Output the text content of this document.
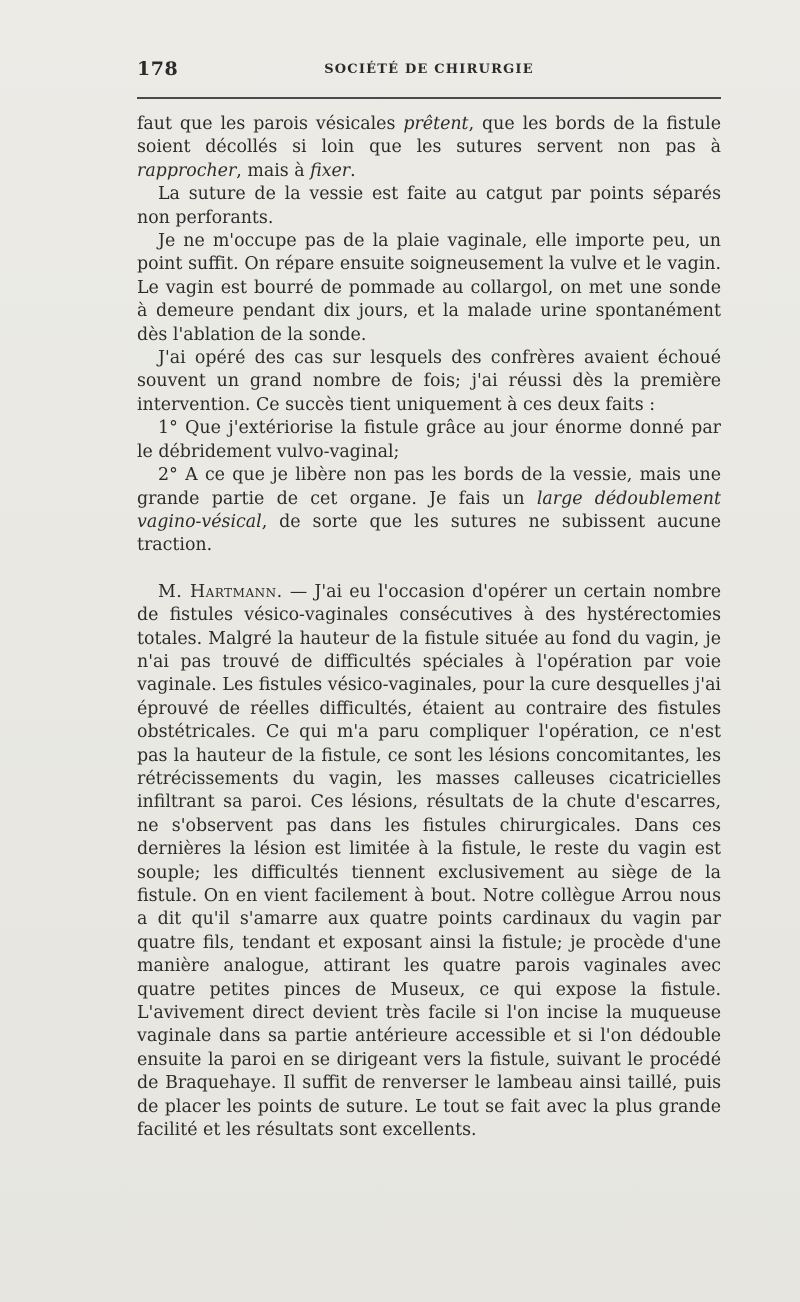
178	SOCIÉTÉ DE CHIRURGIE

faut que les parois vésicales prêtent, que les bords de la fistule soient décollés si loin que les sutures servent non pas à rapprocher, mais à fixer.

La suture de la vessie est faite au catgut par points séparés non perforants.

Je ne m'occupe pas de la plaie vaginale, elle importe peu, un point suffit. On répare ensuite soigneusement la vulve et le vagin. Le vagin est bourré de pommade au collargol, on met une sonde à demeure pendant dix jours, et la malade urine spontanément dès l'ablation de la sonde.

J'ai opéré des cas sur lesquels des confrères avaient échoué souvent un grand nombre de fois; j'ai réussi dès la première intervention. Ce succès tient uniquement à ces deux faits :

1° Que j'extériorise la fistule grâce au jour énorme donné par le débridement vulvo-vaginal;

2° A ce que je libère non pas les bords de la vessie, mais une grande partie de cet organe. Je fais un large dédoublement vagino-vésical, de sorte que les sutures ne subissent aucune traction.

M. Hartmann. — J'ai eu l'occasion d'opérer un certain nombre de fistules vésico-vaginales consécutives à des hystérectomies totales. Malgré la hauteur de la fistule située au fond du vagin, je n'ai pas trouvé de difficultés spéciales à l'opération par voie vaginale. Les fistules vésico-vaginales, pour la cure desquelles j'ai éprouvé de réelles difficultés, étaient au contraire des fistules obstétricales. Ce qui m'a paru compliquer l'opération, ce n'est pas la hauteur de la fistule, ce sont les lésions concomitantes, les rétrécissements du vagin, les masses calleuses cicatricielles infiltrant sa paroi. Ces lésions, résultats de la chute d'escarres, ne s'observent pas dans les fistules chirurgicales. Dans ces dernières la lésion est limitée à la fistule, le reste du vagin est souple; les difficultés tiennent exclusivement au siège de la fistule. On en vient facilement à bout. Notre collègue Arrou nous a dit qu'il s'amarre aux quatre points cardinaux du vagin par quatre fils, tendant et exposant ainsi la fistule; je procède d'une manière analogue, attirant les quatre parois vaginales avec quatre petites pinces de Museux, ce qui expose la fistule. L'avivement direct devient très facile si l'on incise la muqueuse vaginale dans sa partie antérieure accessible et si l'on dédouble ensuite la paroi en se dirigeant vers la fistule, suivant le procédé de Braquehaye. Il suffit de renverser le lambeau ainsi taillé, puis de placer les points de suture. Le tout se fait avec la plus grande facilité et les résultats sont excellents.
